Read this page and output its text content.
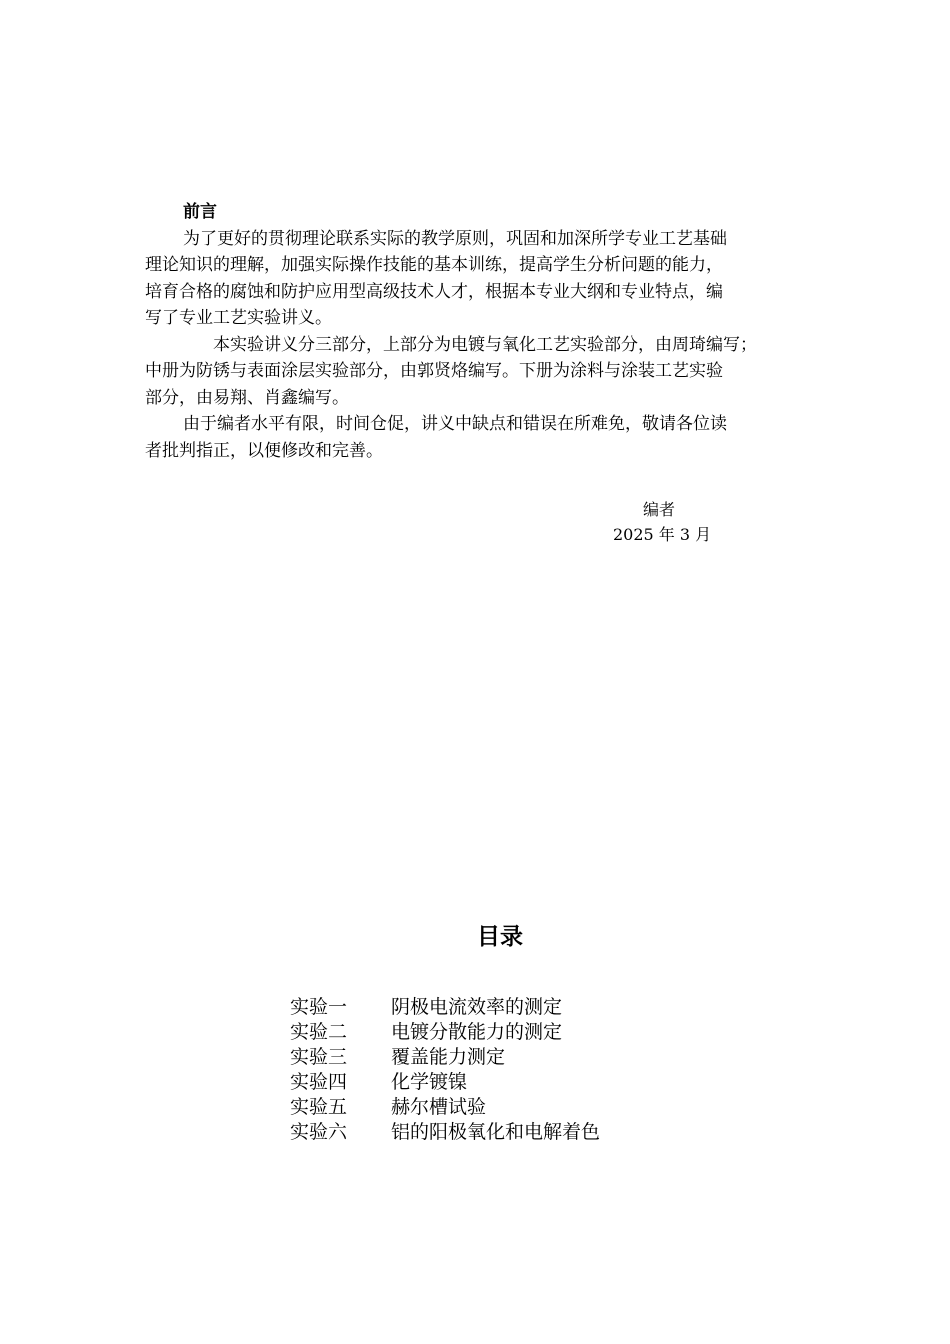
前言

为了更好的贯彻理论联系实际的教学原则，巩固和加深所学专业工艺基础
理论知识的理解，加强实际操作技能的基本训练，提高学生分析问题的能力，
培育合格的腐蚀和防护应用型高级技术人才，根据本专业大纲和专业特点，编
写了专业工艺实验讲义。

本实验讲义分三部分，上部分为电镀与氧化工艺实验部分，由周琦编写；
中册为防锈与表面涂层实验部分，由郭贤烙编写。下册为涂料与涂装工艺实验
部分，由易翔、肖鑫编写。

由于编者水平有限，时间仓促，讲义中缺点和错误在所难免，敬请各位读
者批判指正，以便修改和完善。

编者
2025 年 3 月
目录
实验一	阴极电流效率的测定
实验二	电镀分散能力的测定
实验三	覆盖能力测定
实验四	化学镀镍
实验五	赫尔槽试验
实验六	铝的阳极氧化和电解着色
